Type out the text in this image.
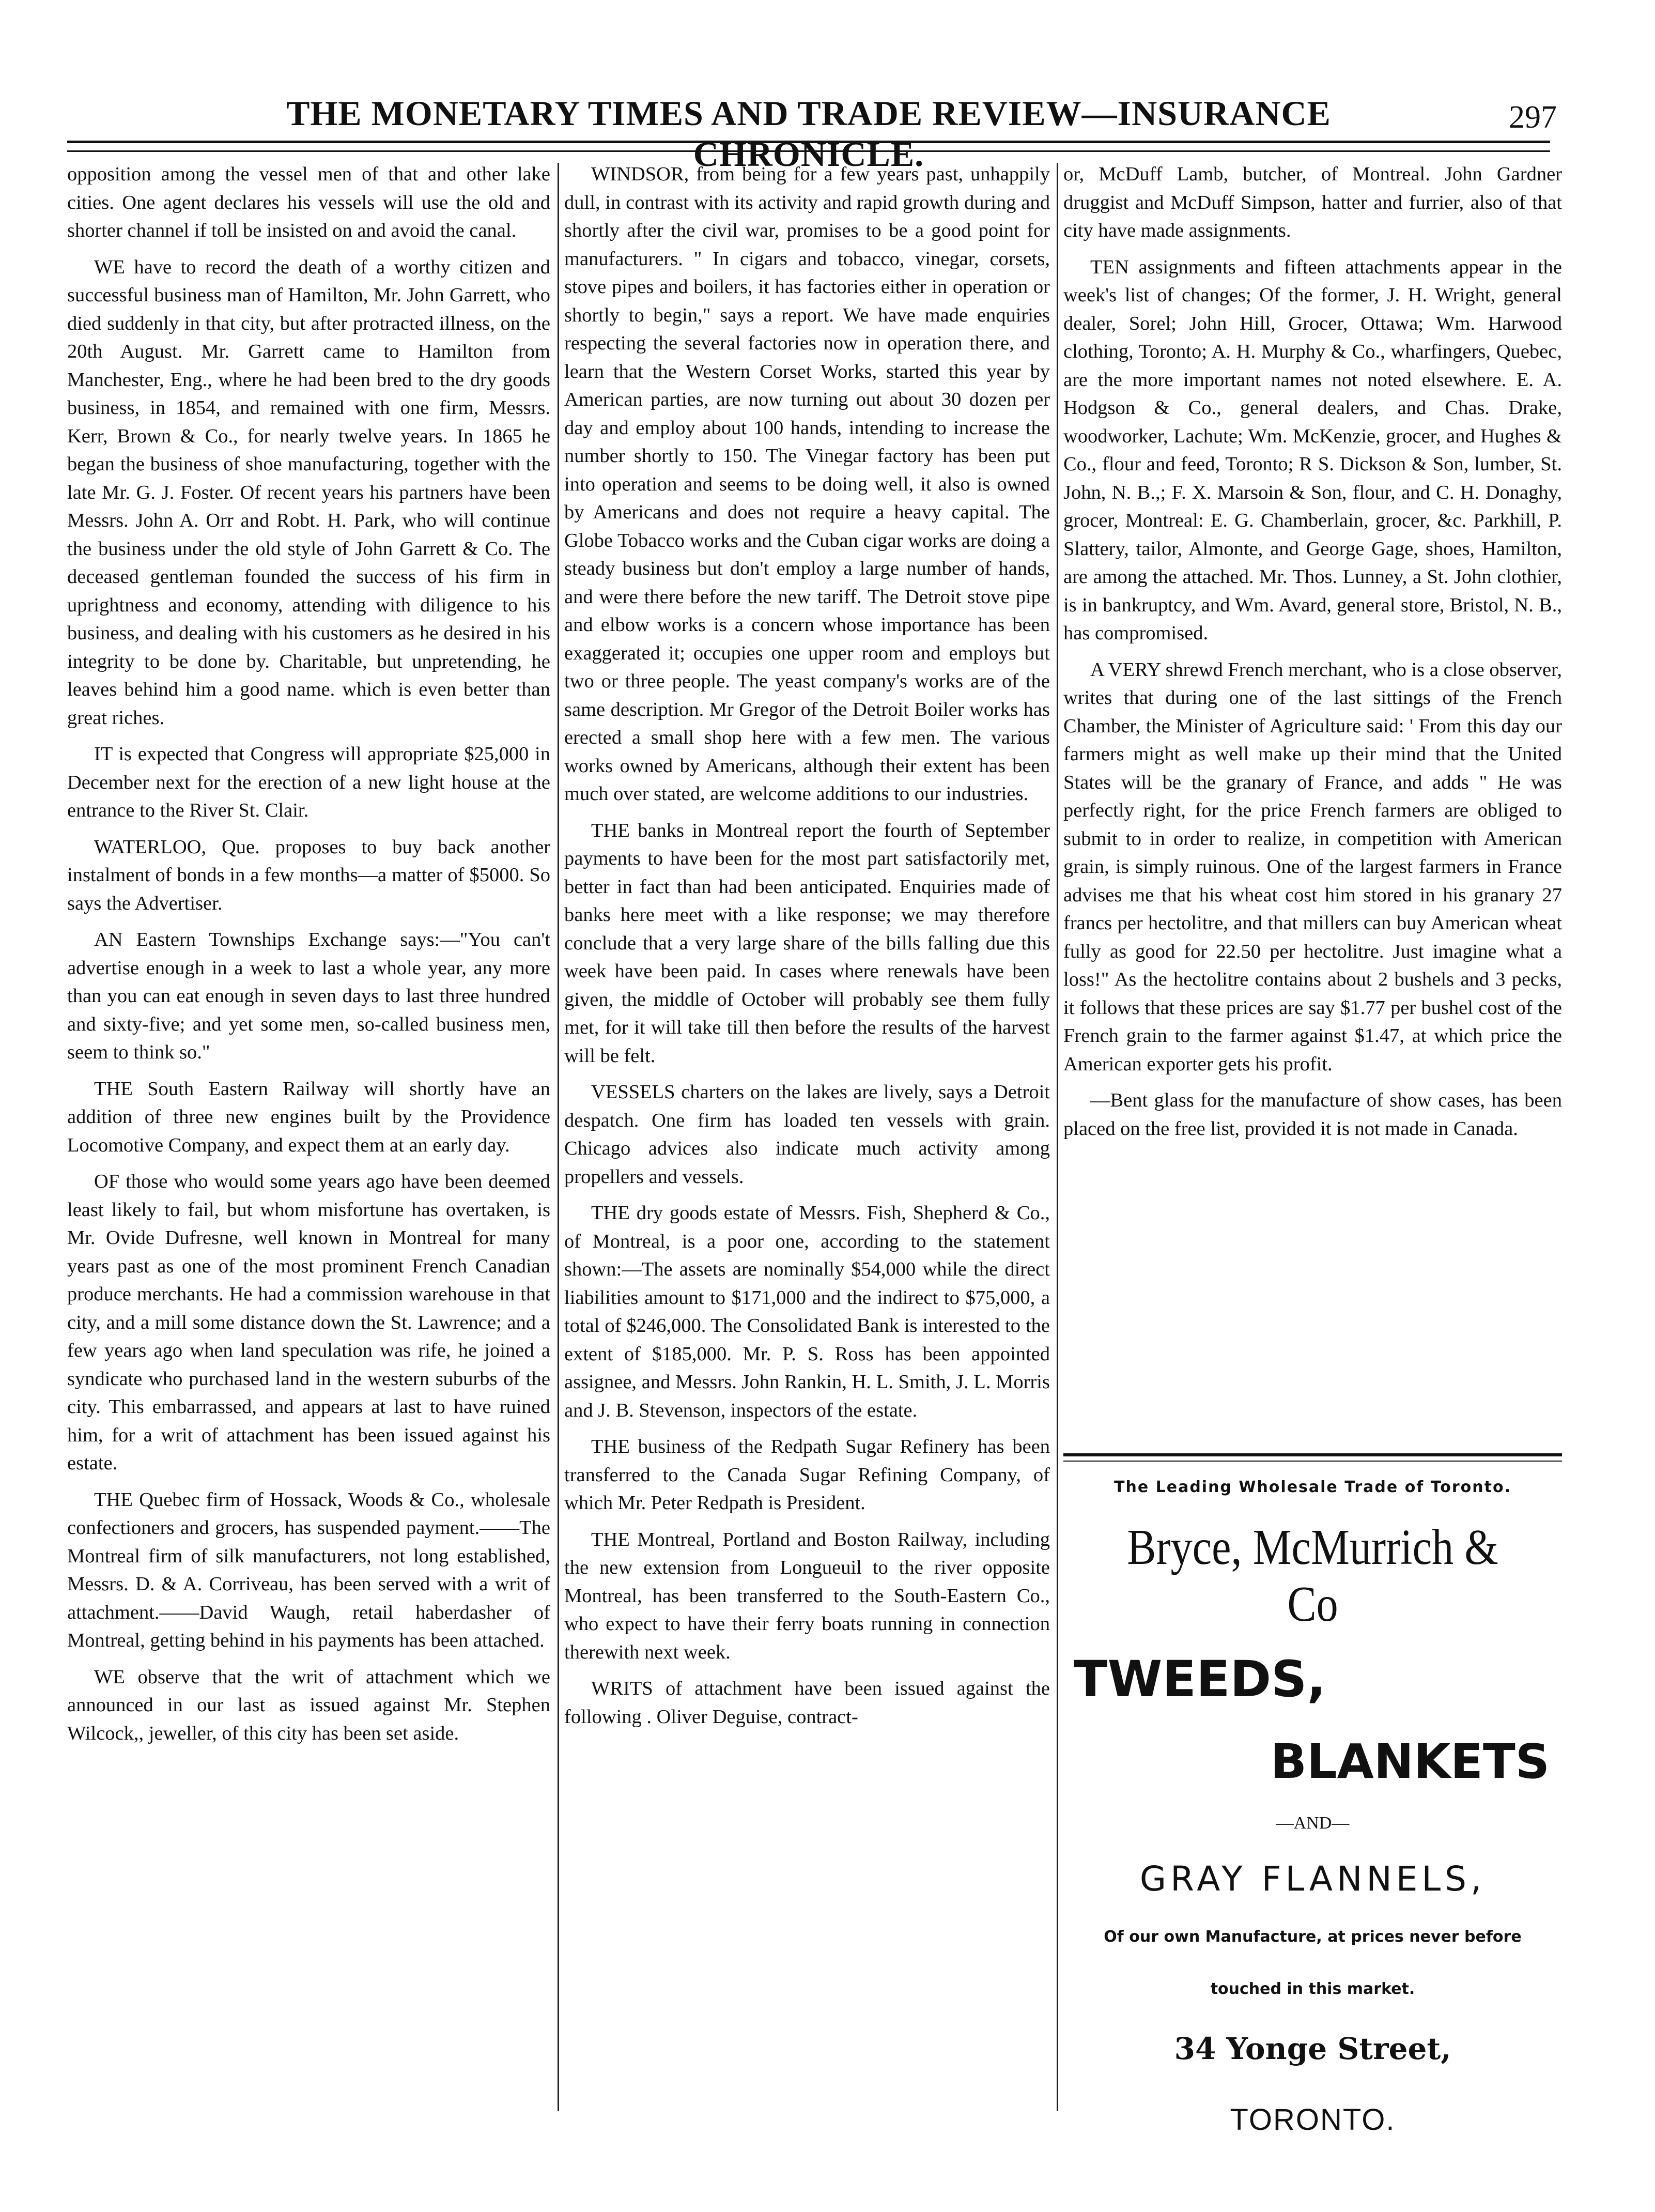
THE MONETARY TIMES AND TRADE REVIEW—INSURANCE CHRONICLE.
297

opposition among the vessel men of that and other lake cities. One agent declares his vessels will use the old and shorter channel if toll be insisted on and avoid the canal.

WE have to record the death of a worthy citizen and successful business man of Hamilton, Mr. John Garrett, who died suddenly in that city, but after protracted illness, on the 20th August. Mr. Garrett came to Hamilton from Manchester, Eng., where he had been bred to the dry goods business, in 1854, and remained with one firm, Messrs. Kerr, Brown & Co., for nearly twelve years. In 1865 he began the business of shoe manufacturing, together with the late Mr. G. J. Foster. Of recent years his partners have been Messrs. John A. Orr and Robt. H. Park, who will continue the business under the old style of John Garrett & Co. The deceased gentleman founded the success of his firm in uprightness and economy, attending with diligence to his business, and dealing with his customers as he desired in his integrity to be done by. Charitable, but unpretending, he leaves behind him a good name. which is even better than great riches.

IT is expected that Congress will appropriate $25,000 in December next for the erection of a new light house at the entrance to the River St. Clair.

WATERLOO, Que. proposes to buy back another instalment of bonds in a few months—a matter of $5000. So says the Advertiser.

AN Eastern Townships Exchange says:—"You can't advertise enough in a week to last a whole year, any more than you can eat enough in seven days to last three hundred and sixty-five; and yet some men, so-called business men, seem to think so."

THE South Eastern Railway will shortly have an addition of three new engines built by the Providence Locomotive Company, and expect them at an early day.

OF those who would some years ago have been deemed least likely to fail, but whom misfortune has overtaken, is Mr. Ovide Dufresne, well known in Montreal for many years past as one of the most prominent French Canadian produce merchants. He had a commission warehouse in that city, and a mill some distance down the St. Lawrence; and a few years ago when land speculation was rife, he joined a syndicate who purchased land in the western suburbs of the city. This embarrassed, and appears at last to have ruined him, for a writ of attachment has been issued against his estate.

THE Quebec firm of Hossack, Woods & Co., wholesale confectioners and grocers, has suspended payment.——The Montreal firm of silk manufacturers, not long established, Messrs. D. & A. Corriveau, has been served with a writ of attachment.——David Waugh, retail haberdasher of Montreal, getting behind in his payments has been attached.

WE observe that the writ of attachment which we announced in our last as issued against Mr. Stephen Wilcock,, jeweller, of this city has been set aside.

WINDSOR, from being for a few years past, unhappily dull, in contrast with its activity and rapid growth during and shortly after the civil war, promises to be a good point for manufacturers. " In cigars and tobacco, vinegar, corsets, stove pipes and boilers, it has factories either in operation or shortly to begin," says a report. We have made enquiries respecting the several factories now in operation there, and learn that the Western Corset Works, started this year by American parties, are now turning out about 30 dozen per day and employ about 100 hands, intending to increase the number shortly to 150. The Vinegar factory has been put into operation and seems to be doing well, it also is owned by Americans and does not require a heavy capital. The Globe Tobacco works and the Cuban cigar works are doing a steady business but don't employ a large number of hands, and were there before the new tariff. The Detroit stove pipe and elbow works is a concern whose importance has been exaggerated it; occupies one upper room and employs but two or three people. The yeast company's works are of the same description. Mr Gregor of the Detroit Boiler works has erected a small shop here with a few men. The various works owned by Americans, although their extent has been much over stated, are welcome additions to our industries.

THE banks in Montreal report the fourth of September payments to have been for the most part satisfactorily met, better in fact than had been anticipated. Enquiries made of banks here meet with a like response; we may therefore conclude that a very large share of the bills falling due this week have been paid. In cases where renewals have been given, the middle of October will probably see them fully met, for it will take till then before the results of the harvest will be felt.

VESSELS charters on the lakes are lively, says a Detroit despatch. One firm has loaded ten vessels with grain. Chicago advices also indicate much activity among propellers and vessels.

THE dry goods estate of Messrs. Fish, Shepherd & Co., of Montreal, is a poor one, according to the statement shown:—The assets are nominally $54,000 while the direct liabilities amount to $171,000 and the indirect to $75,000, a total of $246,000. The Consolidated Bank is interested to the extent of $185,000. Mr. P. S. Ross has been appointed assignee, and Messrs. John Rankin, H. L. Smith, J. L. Morris and J. B. Stevenson, inspectors of the estate.

THE business of the Redpath Sugar Refinery has been transferred to the Canada Sugar Refining Company, of which Mr. Peter Redpath is President.

THE Montreal, Portland and Boston Railway, including the new extension from Longueuil to the river opposite Montreal, has been transferred to the South-Eastern Co., who expect to have their ferry boats running in connection therewith next week.

WRITS of attachment have been issued against the following . Oliver Deguise, contract-

or, McDuff Lamb, butcher, of Montreal. John Gardner druggist and McDuff Simpson, hatter and furrier, also of that city have made assignments.

TEN assignments and fifteen attachments appear in the week's list of changes; Of the former, J. H. Wright, general dealer, Sorel; John Hill, Grocer, Ottawa; Wm. Harwood clothing, Toronto; A. H. Murphy & Co., wharfingers, Quebec, are the more important names not noted elsewhere. E. A. Hodgson & Co., general dealers, and Chas. Drake, woodworker, Lachute; Wm. McKenzie, grocer, and Hughes & Co., flour and feed, Toronto; R S. Dickson & Son, lumber, St. John, N. B.,; F. X. Marsoin & Son, flour, and C. H. Donaghy, grocer, Montreal: E. G. Chamberlain, grocer, &c. Parkhill, P. Slattery, tailor, Almonte, and George Gage, shoes, Hamilton, are among the attached. Mr. Thos. Lunney, a St. John clothier, is in bankruptcy, and Wm. Avard, general store, Bristol, N. B., has compromised.

A VERY shrewd French merchant, who is a close observer, writes that during one of the last sittings of the French Chamber, the Minister of Agriculture said: ' From this day our farmers might as well make up their mind that the United States will be the granary of France, and adds " He was perfectly right, for the price French farmers are obliged to submit to in order to realize, in competition with American grain, is simply ruinous. One of the largest farmers in France advises me that his wheat cost him stored in his granary 27 francs per hectolitre, and that millers can buy American wheat fully as good for 22.50 per hectolitre. Just imagine what a loss!" As the hectolitre contains about 2 bushels and 3 pecks, it follows that these prices are say $1.77 per bushel cost of the French grain to the farmer against $1.47, at which price the American exporter gets his profit.

—Bent glass for the manufacture of show cases, has been placed on the free list, provided it is not made in Canada.

The Leading Wholesale Trade of Toronto.
Bryce, McMurrich & Co
TWEEDS,
BLANKETS
—AND—
GRAY FLANNELS,
Of our own Manufacture, at prices never before
touched in this market.
34 Yonge Street,
TORONTO.
